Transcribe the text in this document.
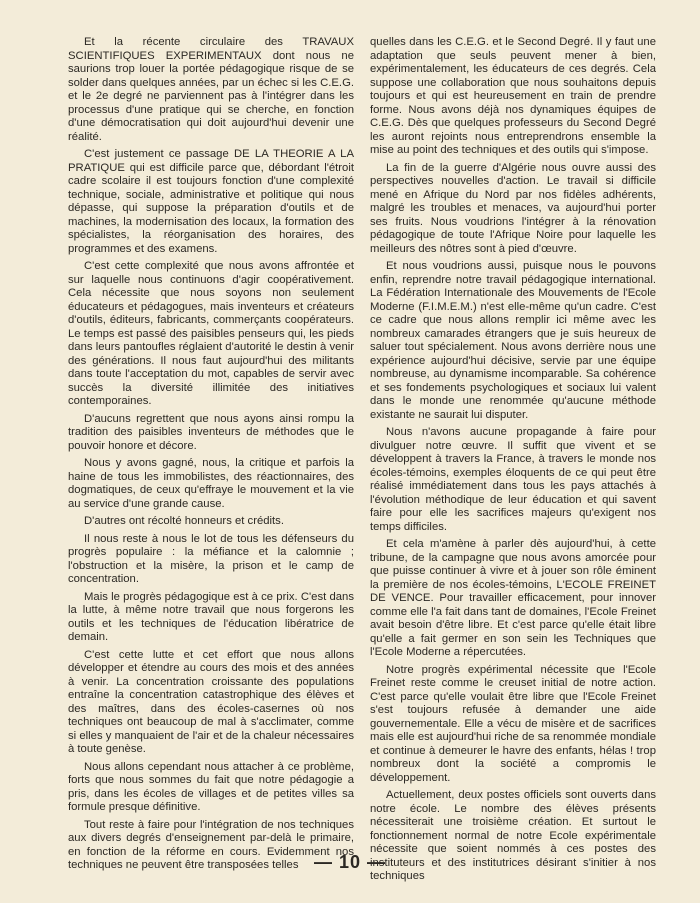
Et la récente circulaire des TRAVAUX SCIENTIFIQUES EXPERIMENTAUX dont nous ne saurions trop louer la portée pédagogique risque de se solder dans quelques années, par un échec si les C.E.G. et le 2e degré ne parviennent pas à l'intégrer dans les processus d'une pratique qui se cherche, en fonction d'une démocratisation qui doit aujourd'hui devenir une réalité.

C'est justement ce passage DE LA THEORIE A LA PRATIQUE qui est difficile parce que, débordant l'étroit cadre scolaire il est toujours fonction d'une complexité technique, sociale, administrative et politique qui nous dépasse, qui suppose la préparation d'outils et de machines, la modernisation des locaux, la formation des spécialistes, la réorganisation des horaires, des programmes et des examens.

C'est cette complexité que nous avons affrontée et sur laquelle nous continuons d'agir coopérativement. Cela nécessite que nous soyons non seulement éducateurs et pédagogues, mais inventeurs et créateurs d'outils, éditeurs, fabricants, commerçants coopérateurs. Le temps est passé des paisibles penseurs qui, les pieds dans leurs pantoufles réglaient d'autorité le destin à venir des générations. Il nous faut aujourd'hui des militants dans toute l'acceptation du mot, capables de servir avec succès la diversité illimitée des initiatives contemporaines.

D'aucuns regrettent que nous ayons ainsi rompu la tradition des paisibles inventeurs de méthodes que le pouvoir honore et décore.

Nous y avons gagné, nous, la critique et parfois la haine de tous les immobilistes, des réactionnaires, des dogmatiques, de ceux qu'effraye le mouvement et la vie au service d'une grande cause.

D'autres ont récolté honneurs et crédits.

Il nous reste à nous le lot de tous les défenseurs du progrès populaire : la méfiance et la calomnie ; l'obstruction et la misère, la prison et le camp de concentration.

Mais le progrès pédagogique est à ce prix. C'est dans la lutte, à même notre travail que nous forgerons les outils et les techniques de l'éducation libératrice de demain.

C'est cette lutte et cet effort que nous allons développer et étendre au cours des mois et des années à venir. La concentration croissante des populations entraîne la concentration catastrophique des élèves et des maîtres, dans des écoles-casernes où nos techniques ont beaucoup de mal à s'acclimater, comme si elles y manquaient de l'air et de la chaleur nécessaires à toute genèse.

Nous allons cependant nous attacher à ce problème, forts que nous sommes du fait que notre pédagogie a pris, dans les écoles de villages et de petites villes sa formule presque définitive.

Tout reste à faire pour l'intégration de nos techniques aux divers degrés d'enseignement par-delà le primaire, en fonction de la réforme en cours. Evidemment nos techniques ne peuvent être transposées telles

quelles dans les C.E.G. et le Second Degré. Il y faut une adaptation que seuls peuvent mener à bien, expérimentalement, les éducateurs de ces degrés. Cela suppose une collaboration que nous souhaitons depuis toujours et qui est heureusement en train de prendre forme. Nous avons déjà nos dynamiques équipes de C.E.G. Dès que quelques professeurs du Second Degré les auront rejoints nous entreprendrons ensemble la mise au point des techniques et des outils qui s'impose.

La fin de la guerre d'Algérie nous ouvre aussi des perspectives nouvelles d'action. Le travail si difficile mené en Afrique du Nord par nos fidèles adhérents, malgré les troubles et menaces, va aujourd'hui porter ses fruits. Nous voudrions l'intégrer à la rénovation pédagogique de toute l'Afrique Noire pour laquelle les meilleurs des nôtres sont à pied d'œuvre.

Et nous voudrions aussi, puisque nous le pouvons enfin, reprendre notre travail pédagogique international. La Fédération Internationale des Mouvements de l'Ecole Moderne (F.I.M.E.M.) n'est elle-même qu'un cadre. C'est ce cadre que nous allons remplir ici même avec les nombreux camarades étrangers que je suis heureux de saluer tout spécialement. Nous avons derrière nous une expérience aujourd'hui décisive, servie par une équipe nombreuse, au dynamisme incomparable. Sa cohérence et ses fondements psychologiques et sociaux lui valent dans le monde une renommée qu'aucune méthode existante ne saurait lui disputer.

Nous n'avons aucune propagande à faire pour divulguer notre œuvre. Il suffit que vivent et se développent à travers la France, à travers le monde nos écoles-témoins, exemples éloquents de ce qui peut être réalisé immédiatement dans tous les pays attachés à l'évolution méthodique de leur éducation et qui savent faire pour elle les sacrifices majeurs qu'exigent nos temps difficiles.

Et cela m'amène à parler dès aujourd'hui, à cette tribune, de la campagne que nous avons amorcée pour que puisse continuer à vivre et à jouer son rôle éminent la première de nos écoles-témoins, L'ECOLE FREINET DE VENCE. Pour travailler efficacement, pour innover comme elle l'a fait dans tant de domaines, l'Ecole Freinet avait besoin d'être libre. Et c'est parce qu'elle était libre qu'elle a fait germer en son sein les Techniques que l'Ecole Moderne a répercutées.

Notre progrès expérimental nécessite que l'Ecole Freinet reste comme le creuset initial de notre action. C'est parce qu'elle voulait être libre que l'Ecole Freinet s'est toujours refusée à demander une aide gouvernementale. Elle a vécu de misère et de sacrifices mais elle est aujourd'hui riche de sa renommée mondiale et continue à demeurer le havre des enfants, hélas ! trop nombreux dont la société a compromis le développement.

Actuellement, deux postes officiels sont ouverts dans notre école. Le nombre des élèves présents nécessiterait une troisième création. Et surtout le fonctionnement normal de notre Ecole expérimentale nécessite que soient nommés à ces postes des instituteurs et des institutrices désirant s'initier à nos techniques

— 10 —
